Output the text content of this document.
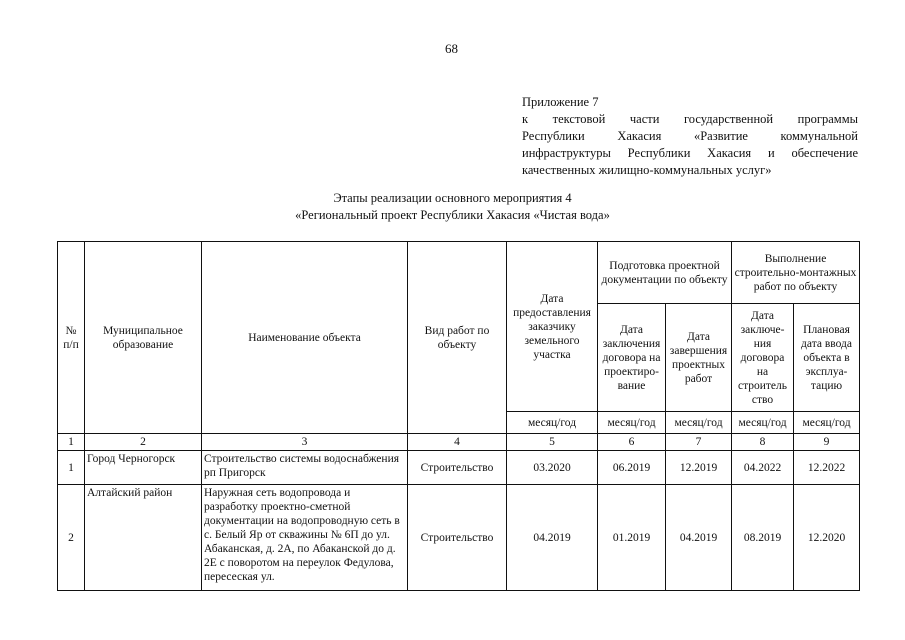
68
Приложение 7
к текстовой части государственной программы
Республики Хакасия «Развитие коммунальной
инфраструктуры Республики Хакасия и обеспечение
качественных жилищно-коммунальных услуг»
Этапы реализации основного мероприятия 4
«Региональный проект Республики Хакасия «Чистая вода»
№ п/п	Муниципальное образование	Наименование объекта	Вид работ по объекту	Дата предоставления заказчику земельного участка	Подготовка проектной документации по объекту		Выполнение строительно-монтажных работ по объекту	
					Дата заключения договора на проектиро-вание	Дата завершения проектных работ	Дата заключе-ния договора на строитель ство	Плановая дата ввода объекта в эксплуа-тацию
				месяц/год	месяц/год	месяц/год	месяц/год	месяц/год
1	2	3	4	5	6	7	8	9
1	Город Черногорск	Строительство системы водоснабжения рп Пригорск	Строительство	03.2020	06.2019	12.2019	04.2022	12.2022
2	Алтайский район	Наружная сеть водопровода и разработку проектно-сметной документации на водопроводную сеть в с. Белый Яр от скважины № 6П до ул. Абаканская, д. 2А, по Абаканской до д. 2Е с поворотом на переулок Федулова, пересеская ул.	Строительство	04.2019	01.2019	04.2019	08.2019	12.2020
